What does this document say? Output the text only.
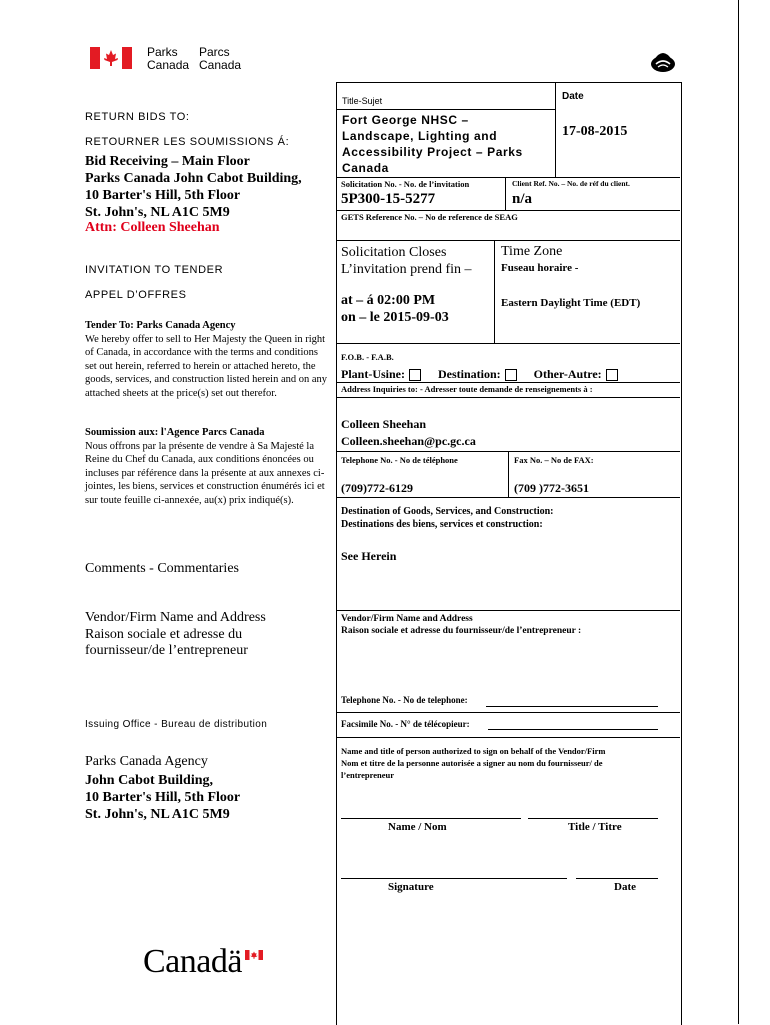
Parks
Canada
Parcs
Canada
RETURN BIDS TO:
RETOURNER LES SOUMISSIONS Á:
Bid Receiving – Main Floor
Parks Canada John Cabot Building,
10 Barter's Hill, 5th Floor
St. John's, NL A1C 5M9
Attn: Colleen Sheehan
INVITATION TO TENDER
APPEL D’OFFRES
Tender To: Parks Canada Agency
We hereby offer to sell to Her Majesty the Queen in right of Canada, in accordance with the terms and conditions set out herein, referred to herein or attached hereto, the goods, services, and construction listed herein and on any attached sheets at the price(s) set out therefor.
Soumission aux: l'Agence Parcs Canada
Nous offrons par la présente de vendre à Sa Majesté la Reine du Chef du Canada, aux conditions énoncées ou incluses par référence dans la présente at aux annexes ci-jointes, les biens, services et construction énumérés ici et sur toute feuille ci-annexée, au(x) prix indiqué(s).
Comments - Commentaries
Vendor/Firm Name and Address
Raison sociale et adresse du
fournisseur/de l’entrepreneur
Issuing Office - Bureau de distribution
Parks Canada Agency
John Cabot Building,
10 Barter's Hill, 5th Floor
St. John's, NL A1C 5M9
Title-Sujet
Fort George NHSC –
Landscape, Lighting and
Accessibility Project – Parks
Canada
Date
17-08-2015
Solicitation No. - No. de l’invitation	Client Ref. No. – No. de réf du client.
5P300-15-5277	n/a
GETS Reference No. – No de reference de SEAG
Solicitation Closes
L’invitation prend fin –
at – á 02:00 PM
on – le 2015-09-03
Time Zone
Fuseau horaire -
Eastern Daylight Time (EDT)
F.O.B. - F.A.B.
Plant-Usine:	Destination:	Other-Autre:
Address Inquiries to: - Adresser toute demande de renseignements à :
Colleen Sheehan
Colleen.sheehan@pc.gc.ca
Telephone No. - No de téléphone	Fax No. – No de FAX:
(709)772-6129	(709 )772-3651
Destination of Goods, Services, and Construction:
Destinations des biens, services et construction:
See Herein
Vendor/Firm Name and Address
Raison sociale et adresse du fournisseur/de l’entrepreneur :
Telephone No. - No de telephone:
Facsimile No. - N° de télécopieur:
Name and title of person authorized to sign on behalf of the Vendor/Firm
Nom et titre de la personne autorisée a signer au nom du fournisseur/ de
l’entrepreneur
Name / Nom	Title / Titre
Signature	Date
Canadä
